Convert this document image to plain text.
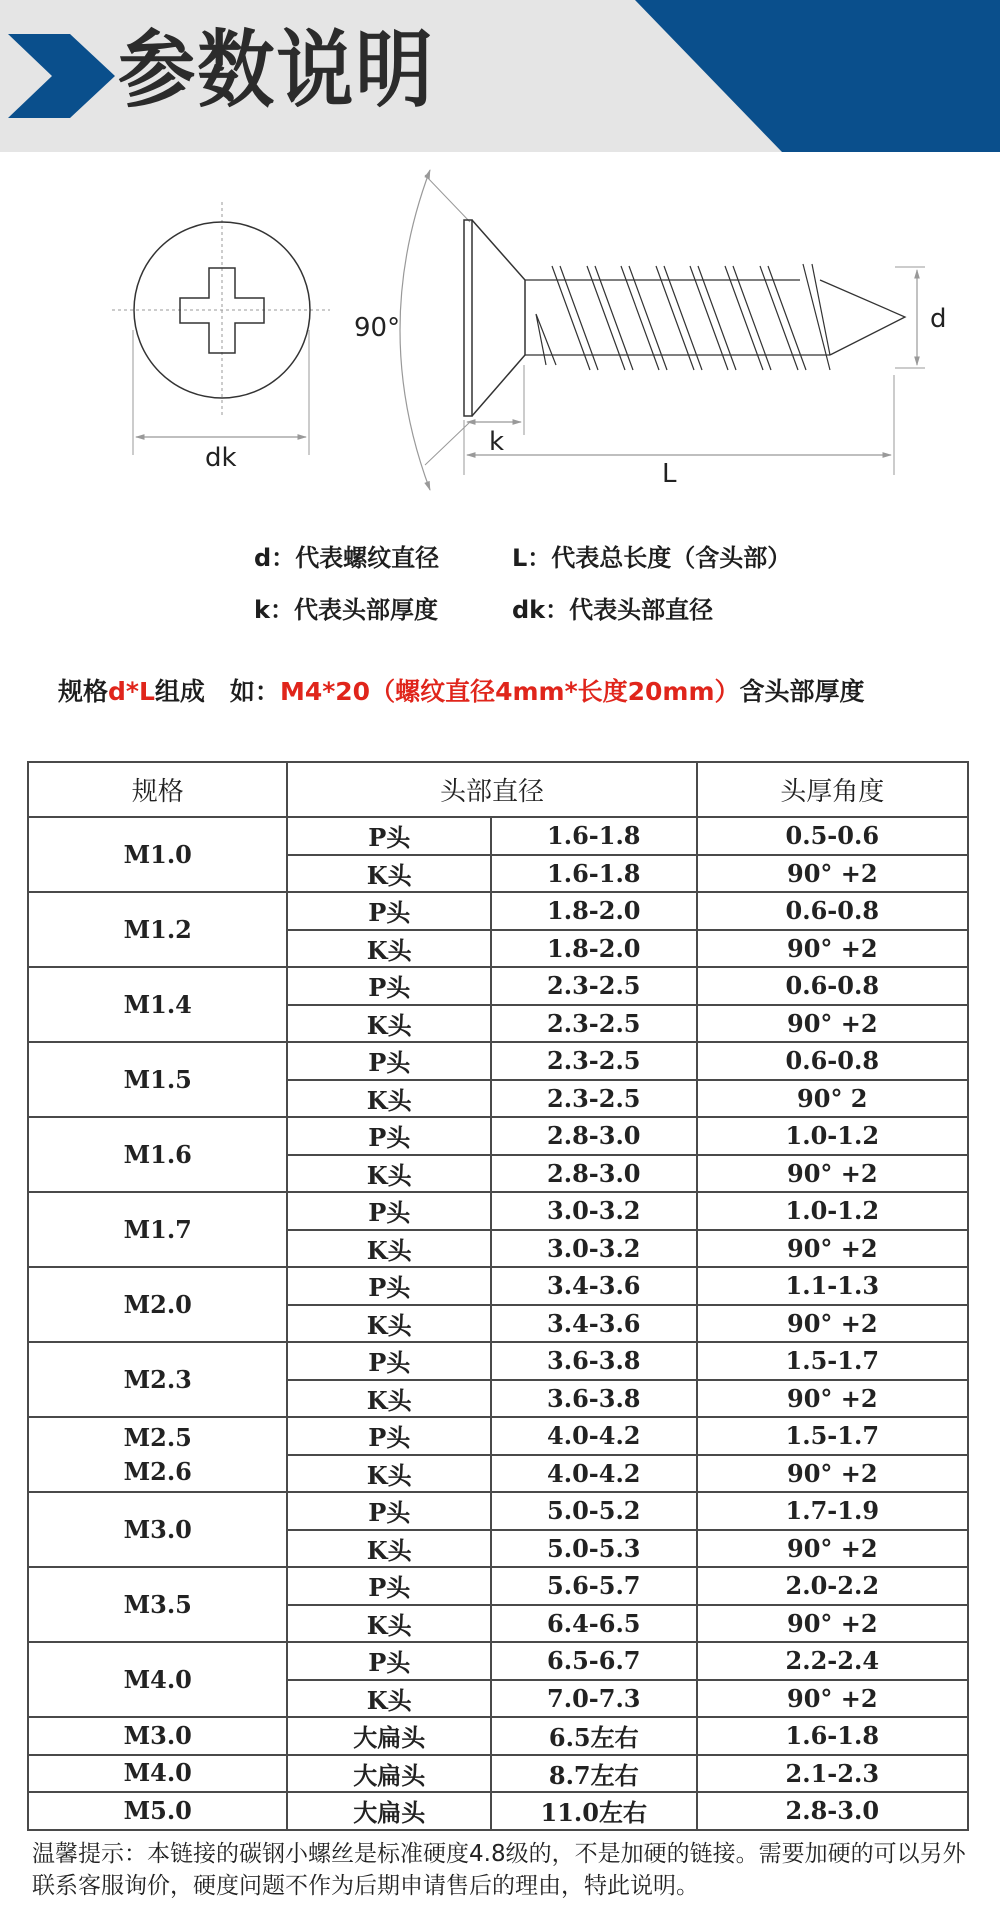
参数说明
dk
90°	d
k
L
d：代表螺纹直径	L：代表总长度（含头部）
k：代表头部厚度	dk：代表头部直径
规格d*L组成　如：M4*20（螺纹直径4mm*长度20mm）含头部厚度
规格	头部直径		头厚角度

M1.0	P头	1.6-1.8	0.5-0.6
	K头	1.6-1.8	90° +2

M1.2	P头	1.8-2.0	0.6-0.8
	K头	1.8-2.0	90° +2

M1.4	P头	2.3-2.5	0.6-0.8
	K头	2.3-2.5	90° +2

M1.5	P头	2.3-2.5	0.6-0.8
	K头	2.3-2.5	90° 2

M1.6	P头	2.8-3.0	1.0-1.2
	K头	2.8-3.0	90° +2

M1.7	P头	3.0-3.2	1.0-1.2
	K头	3.0-3.2	90° +2

M2.0	P头	3.4-3.6	1.1-1.3
	K头	3.4-3.6	90° +2

M2.3	P头	3.6-3.8	1.5-1.7
	K头	3.6-3.8	90° +2

M2.5
M2.6	P头	4.0-4.2	1.5-1.7
	K头	4.0-4.2	90° +2

M3.0	P头	5.0-5.2	1.7-1.9
	K头	5.0-5.3	90° +2

M3.5	P头	5.6-5.7	2.0-2.2
	K头	6.4-6.5	90° +2

M4.0	P头	6.5-6.7	2.2-2.4
	K头	7.0-7.3	90° +2

M3.0	大扁头	6.5左右	1.6-1.8

M4.0	大扁头	8.7左右	2.1-2.3

M5.0	大扁头	11.0左右	2.8-3.0
温馨提示：本链接的碳钢小螺丝是标准硬度4.8级的，不是加硬的链接。需要加硬的可以另外联系客服询价，硬度问题不作为后期申请售后的理由，特此说明。
